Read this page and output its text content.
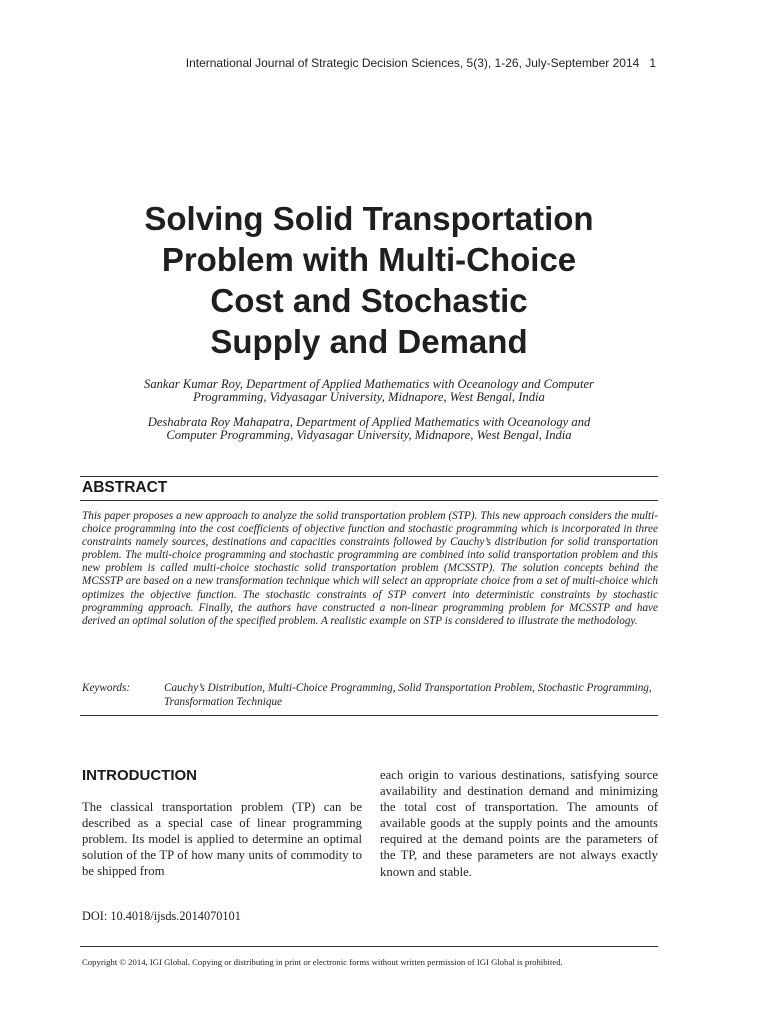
International Journal of Strategic Decision Sciences, 5(3), 1-26, July-September 2014 1
Solving Solid Transportation
Problem with Multi-Choice
Cost and Stochastic
Supply and Demand
Sankar Kumar Roy, Department of Applied Mathematics with Oceanology and Computer
Programming, Vidyasagar University, Midnapore, West Bengal, India
Deshabrata Roy Mahapatra, Department of Applied Mathematics with Oceanology and
Computer Programming, Vidyasagar University, Midnapore, West Bengal, India
ABSTRACT
This paper proposes a new approach to analyze the solid transportation problem (STP). This new approach considers the multi-choice programming into the cost coefficients of objective function and stochastic programming which is incorporated in three constraints namely sources, destinations and capacities constraints followed by Cauchy’s distribution for solid transportation problem. The multi-choice programming and stochastic programming are combined into solid transportation problem and this new problem is called multi-choice stochastic solid transportation problem (MCSSTP). The solution concepts behind the MCSSTP are based on a new transformation technique which will select an appropriate choice from a set of multi-choice which optimizes the objective function. The stochastic constraints of STP convert into deterministic constraints by stochastic programming approach. Finally, the authors have constructed a non-linear programming problem for MCSSTP and have derived an optimal solution of the specified problem. A realistic example on STP is considered to illustrate the methodology.
Keywords:	Cauchy’s Distribution, Multi-Choice Programming, Solid Transportation Problem, Stochastic Programming, Transformation Technique
INTRODUCTION
The classical transportation problem (TP) can be described as a special case of linear programming problem. Its model is applied to determine an optimal solution of the TP of how many units of commodity to be shipped from
each origin to various destinations, satisfying source availability and destination demand and minimizing the total cost of transportation. The amounts of available goods at the supply points and the amounts required at the demand points are the parameters of the TP, and these parameters are not always exactly known and stable.
DOI: 10.4018/ijsds.2014070101
Copyright © 2014, IGI Global. Copying or distributing in print or electronic forms without written permission of IGI Global is prohibited.
